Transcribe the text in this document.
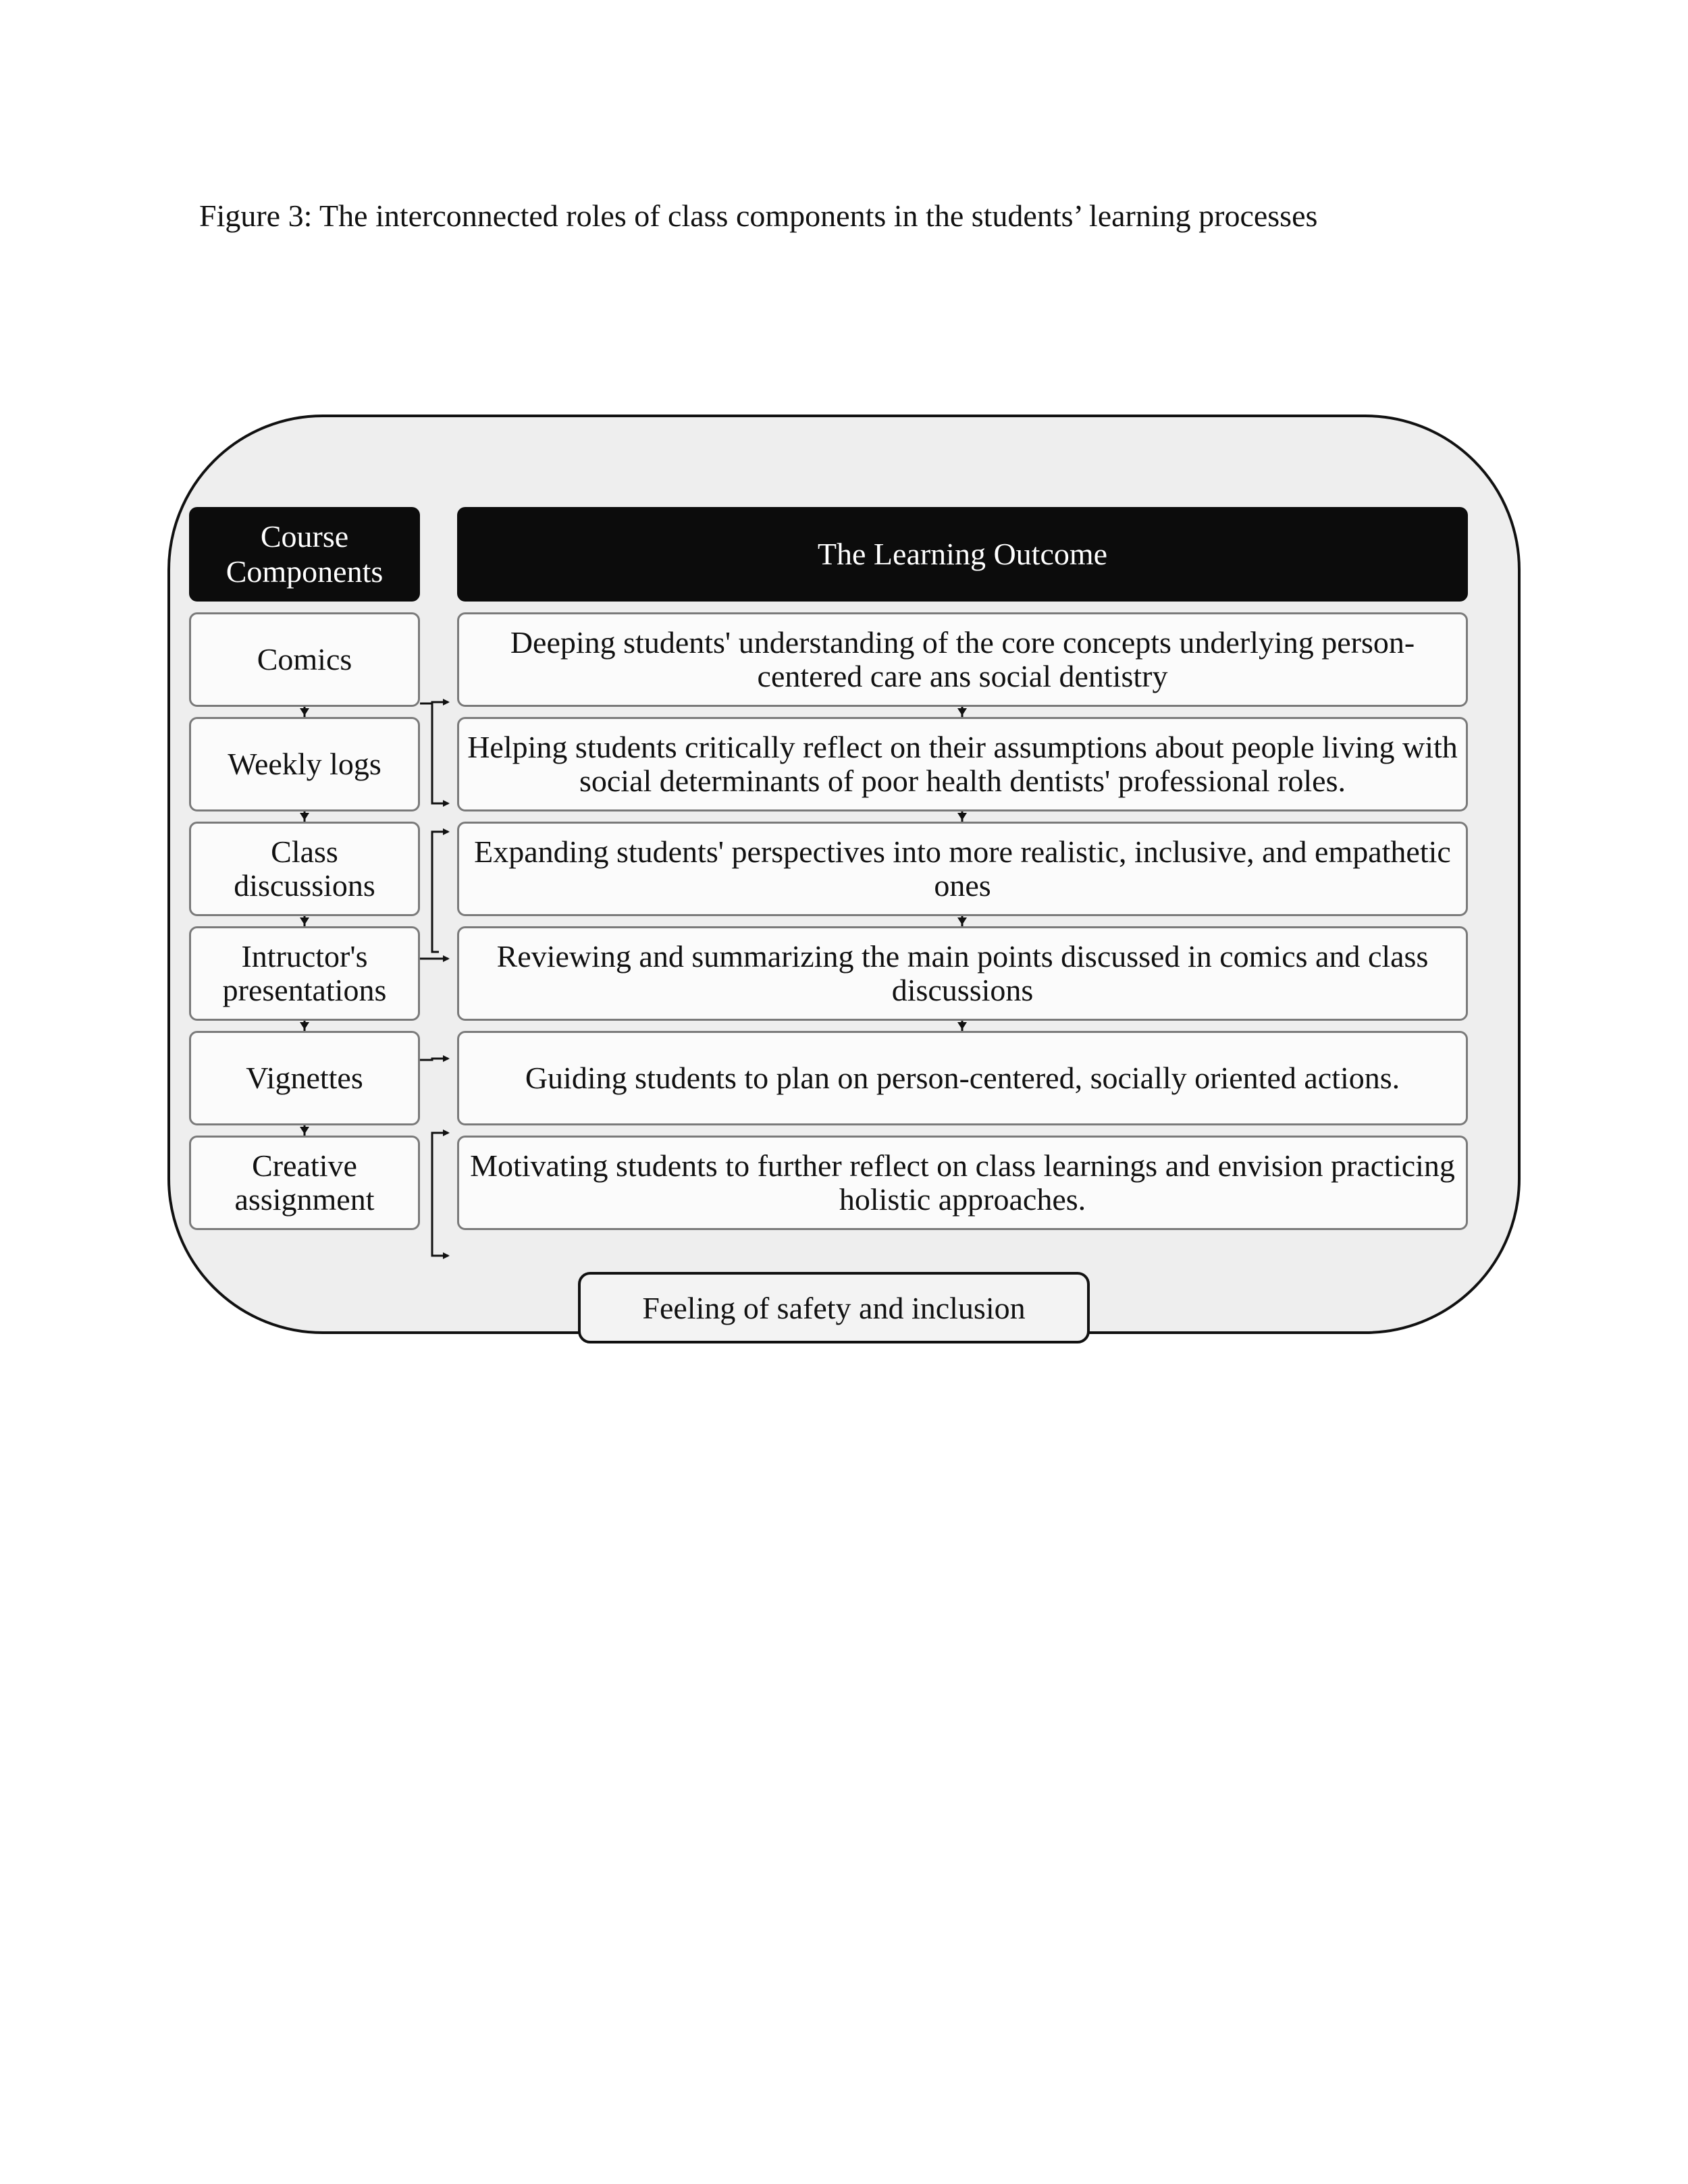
Figure 3: The interconnected roles of class components in the students’ learning processes
Course Components
The Learning Outcome
Comics
Weekly logs
Class discussions
Intructor's presentations
Vignettes
Creative assignment
Deeping students' understanding of the core concepts underlying person-centered care ans social dentistry
Helping students critically reflect on their assumptions about people living with social determinants of poor health dentists' professional roles.
Expanding students' perspectives into more realistic, inclusive, and empathetic ones
Reviewing and summarizing the main points discussed in comics and class discussions
Guiding students to plan on person-centered, socially oriented actions.
Motivating students to further reflect on class learnings and envision practicing holistic approaches.
Feeling of safety and inclusion
